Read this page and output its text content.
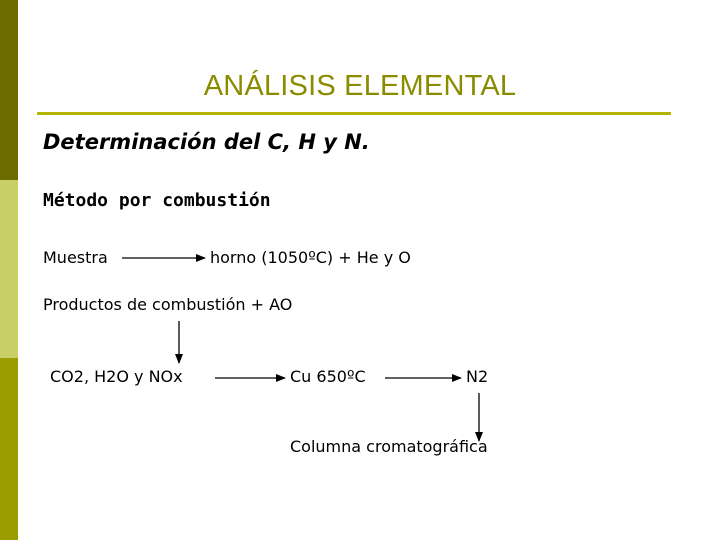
ANÁLISIS ELEMENTAL
Determinación del C, H y N.
Método por combustión
Muestra	horno (1050ºC) + He y O
Productos de combustión + AO
CO2, H2O y NOx	Cu 650ºC	N2
Columna cromatográfica
